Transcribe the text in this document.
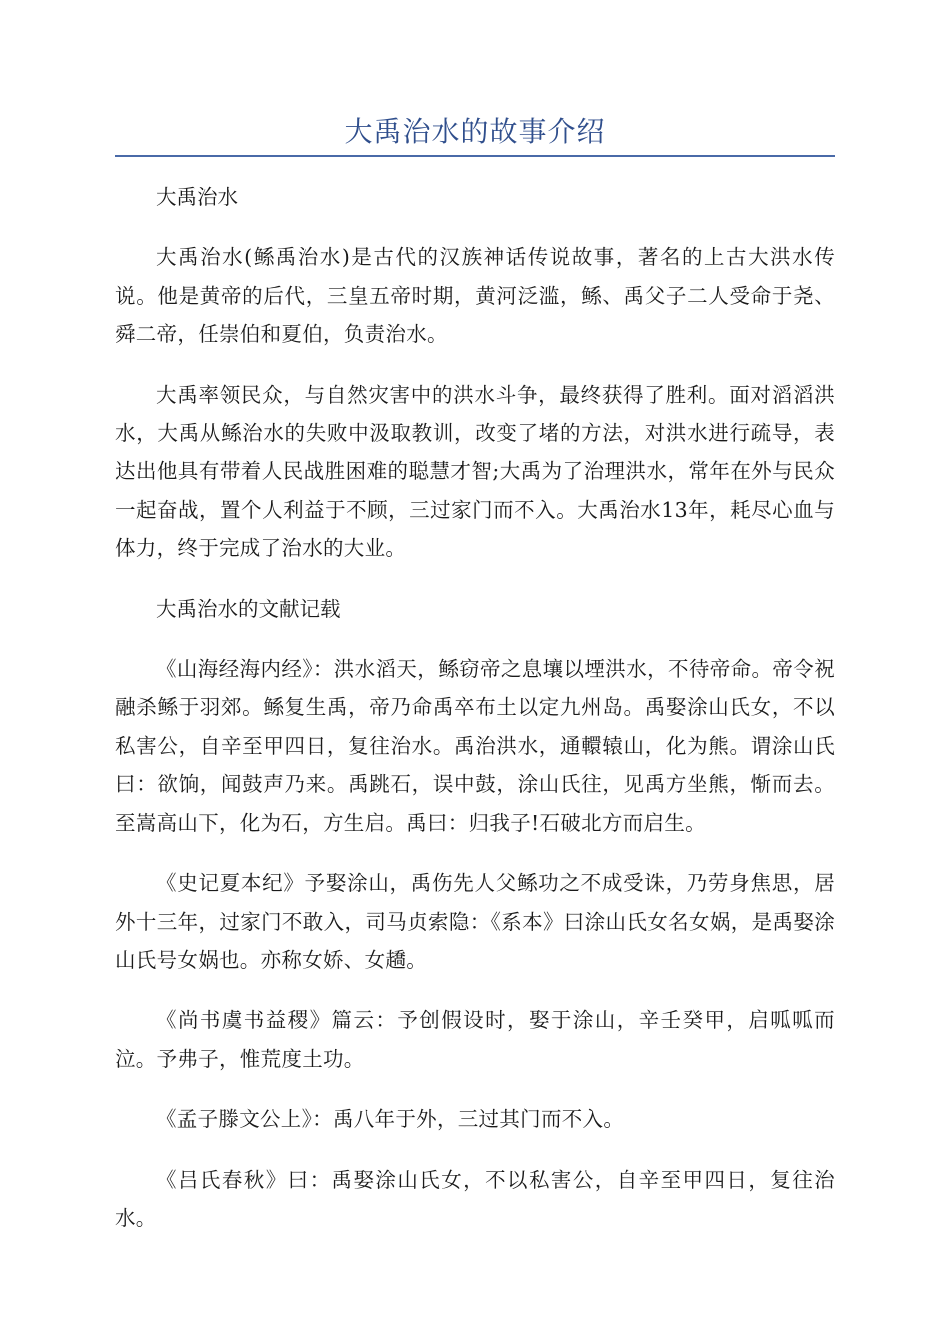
大禹治水的故事介绍

大禹治水

大禹治水(鲧禹治水)是古代的汉族神话传说故事，著名的上古大洪水传说。他是黄帝的后代，三皇五帝时期，黄河泛滥，鲧、禹父子二人受命于尧、舜二帝，任崇伯和夏伯，负责治水。

大禹率领民众，与自然灾害中的洪水斗争，最终获得了胜利。面对滔滔洪水，大禹从鲧治水的失败中汲取教训，改变了堵的方法，对洪水进行疏导，表达出他具有带着人民战胜困难的聪慧才智;大禹为了治理洪水，常年在外与民众一起奋战，置个人利益于不顾，三过家门而不入。大禹治水13年，耗尽心血与体力，终于完成了治水的大业。

大禹治水的文献记载

《山海经海内经》：洪水滔天，鲧窃帝之息壤以堙洪水，不待帝命。帝令祝融杀鲧于羽郊。鲧复生禹，帝乃命禹卒布土以定九州岛。禹娶涂山氏女，不以私害公，自辛至甲四日，复往治水。禹治洪水，通轘辕山，化为熊。谓涂山氏曰：欲饷，闻鼓声乃来。禹跳石，误中鼓，涂山氏往，见禹方坐熊，惭而去。至嵩高山下，化为石，方生启。禹曰：归我子!石破北方而启生。

《史记夏本纪》予娶涂山，禹伤先人父鲧功之不成受诛，乃劳身焦思，居外十三年，过家门不敢入，司马贞索隐：《系本》曰涂山氏女名女娲，是禹娶涂山氏号女娲也。亦称女娇、女趫。

《尚书虞书益稷》篇云：予创假设时，娶于涂山，辛壬癸甲，启呱呱而泣。予弗子，惟荒度土功。

《孟子滕文公上》：禹八年于外，三过其门而不入。

《吕氏春秋》曰：禹娶涂山氏女，不以私害公，自辛至甲四日，复往治水。
